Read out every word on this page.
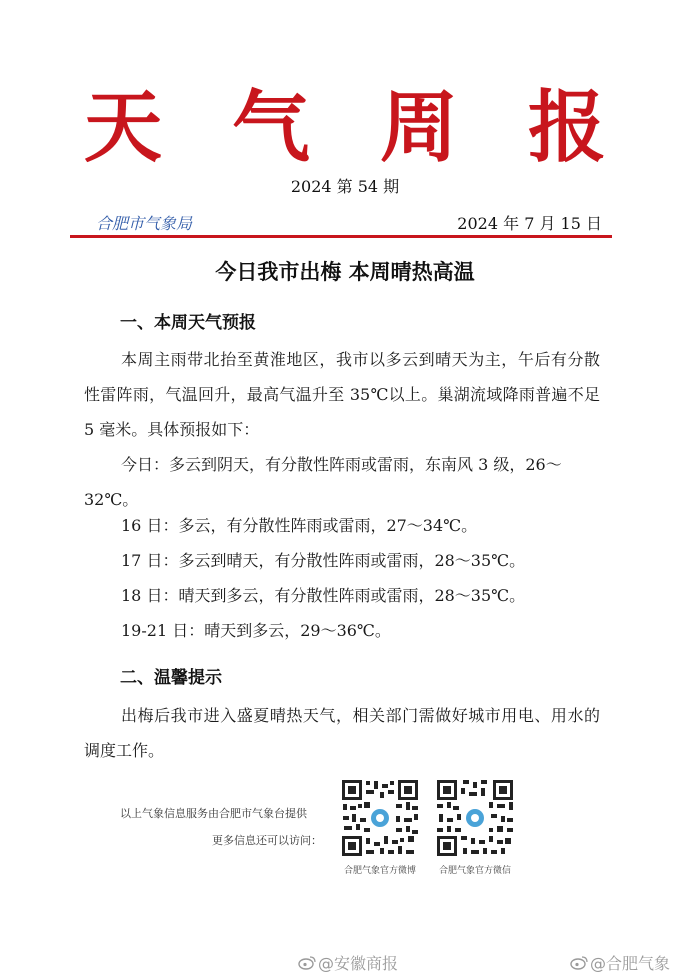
天气周报
2024 第 54 期
合肥市气象局	2024 年 7 月 15 日
今日我市出梅 本周晴热高温
一、本周天气预报
本周主雨带北抬至黄淮地区，我市以多云到晴天为主，午后有分散性雷阵雨，气温回升，最高气温升至 35℃以上。巢湖流域降雨普遍不足 5 毫米。具体预报如下：
今日：多云到阴天，有分散性阵雨或雷雨，东南风 3 级，26～
32℃。
16 日：多云，有分散性阵雨或雷雨，27～34℃。
17 日：多云到晴天，有分散性阵雨或雷雨，28～35℃。
18 日：晴天到多云，有分散性阵雨或雷雨，28～35℃。
19-21 日：晴天到多云，29～36℃。
二、温馨提示
出梅后我市进入盛夏晴热天气，相关部门需做好城市用电、用水的调度工作。
以上气象信息服务由合肥市气象台提供
更多信息还可以访问：
合肥气象官方微博	合肥气象官方微信
@安徽商报	@合肥气象
